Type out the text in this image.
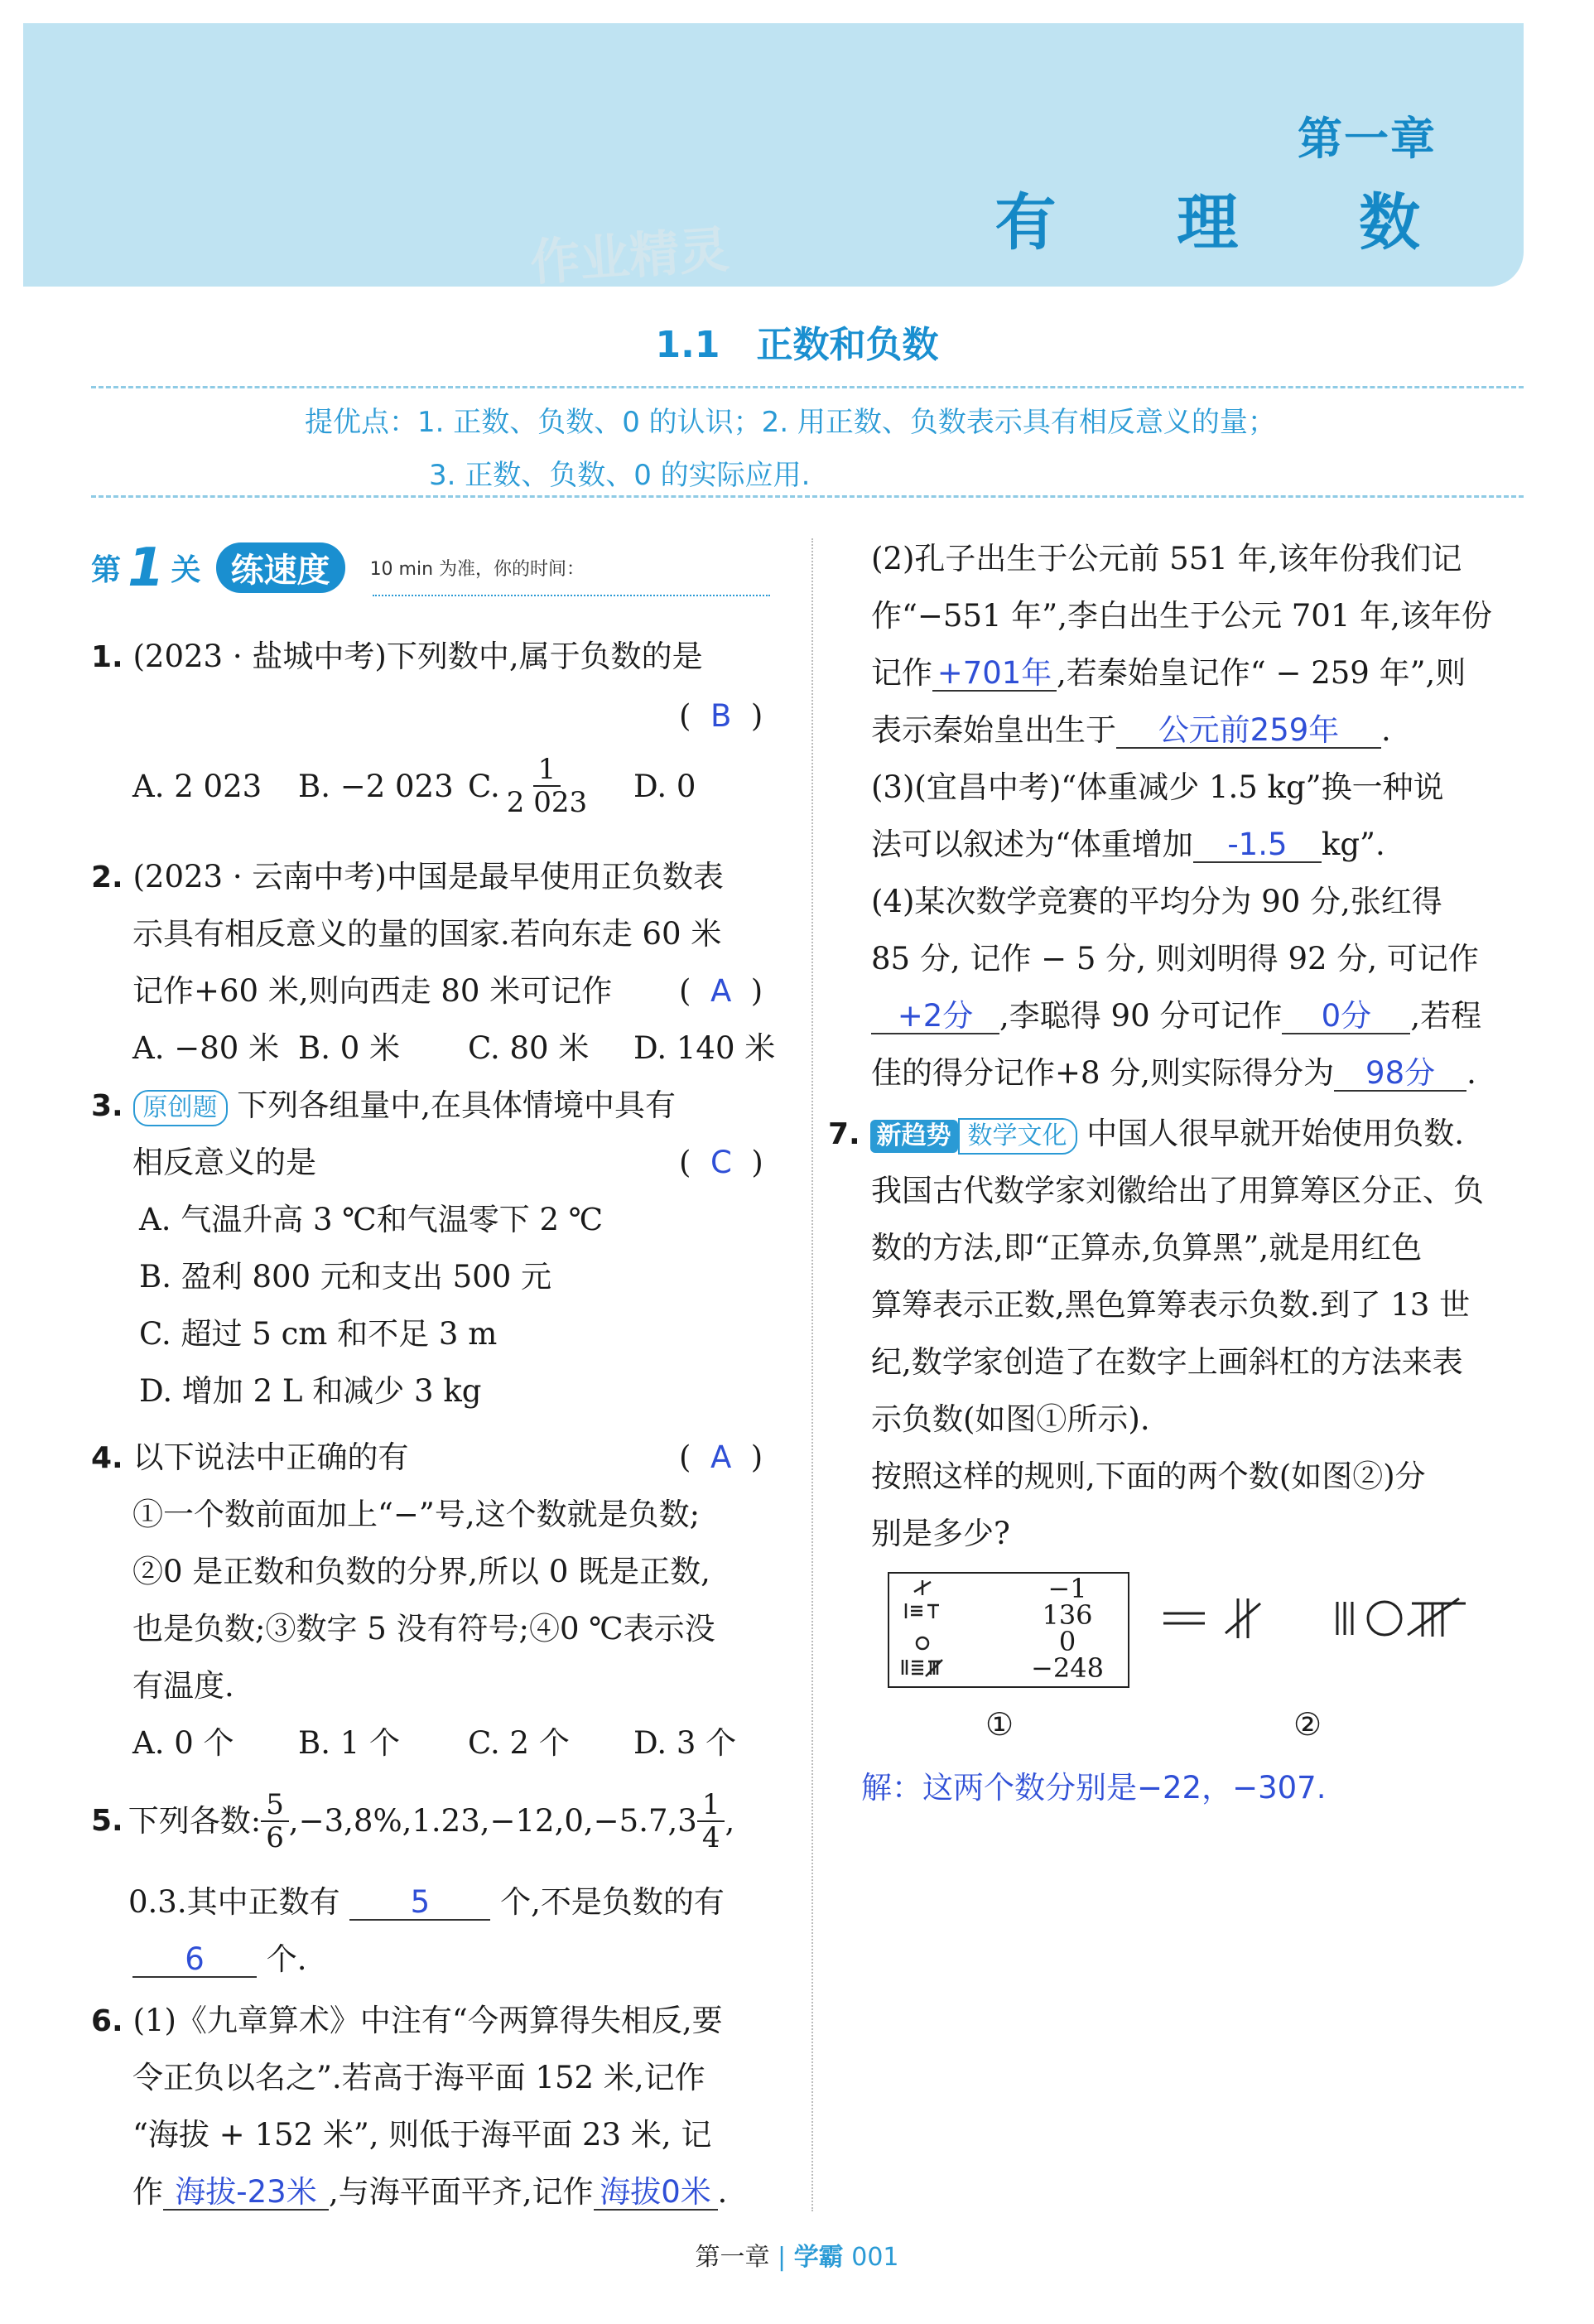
作业精灵
第一章
有 理 数
1.1　正数和负数
提优点：1. 正数、负数、0 的认识；2. 用正数、负数表示具有相反意义的量；
3. 正数、负数、0 的实际应用.
第 1 关 练速度	10 min 为准，你的时间：
1. (2023 · 盐城中考)下列数中,属于负数的是
(  B  )
A. 2 023	B. −2 023 C. $\frac{1}{2 023} D$. 0
2. (2023 · 云南中考)中国是最早使用正负数表
示具有相反意义的量的国家.若向东走 60 米
记作+60 米,则向西走 80 米可记作 (  A  )
A. −80 米 B. 0 米	C. 80 米	D. 140 米
3. 原创题 下列各组量中,在具体情境中具有
相反意义的是	(  C  )
A. 气温升高 3 ℃和气温零下 2 ℃
B. 盈利 800 元和支出 500 元
C. 超过 5 cm 和不足 3 m
D. 增加 2 L 和减少 3 kg
4. 以下说法中正确的有	(  A  )
①一个数前面加上“−”号,这个数就是负数;
②0 是正数和负数的分界,所以 0 既是正数,
也是负数;③数字 5 没有符号;④0 ℃表示没
有温度.
A. 0 个	B. 1 个	C. 2 个	D. 3 个
5. 下列各数: $\frac{5}{6} ,-3,8\%,1.23,-12,0,-5.7,3 \frac{1}{4}$ ,
0.3.其中正数有 5 个,不是负数的有
6 个.
6. (1)《九章算术》中注有“今两算得失相反,要
令正负以名之”.若高于海平面 152 米,记作
“海拔 + 152 米”, 则低于海平面 23 米, 记
作 海拔-23米 ,与海平面平齐,记作 海拔0米 .
(2)孔子出生于公元前 551 年,该年份我们记
作“−551 年”,李白出生于公元 701 年,该年份
记作 +701年 ,若秦始皇记作“ − 259 年”,则
表示秦始皇出生于 公元前259年 .
(3)(宜昌中考)“体重减少 1.5 kg”换一种说
法可以叙述为“体重增加 -1.5 kg”.
(4)某次数学竞赛的平均分为 90 分,张红得
85 分, 记作 − 5 分, 则刘明得 92 分, 可记作
+2分 ,李聪得 90 分可记作 0分 ,若程
佳的得分记作+8 分,则实际得分为 98分 .
7. 新趋势 数学文化 中国人很早就开始使用负数.
我国古代数学家刘徽给出了用算筹区分正、负
数的方法,即“正算赤,负算黑”,就是用红色
算筹表示正数,黑色算筹表示负数.到了 13 世
纪,数学家创造了在数字上画斜杠的方法来表
示负数(如图①所示).
按照这样的规则,下面的两个数(如图②)分
别是多少?
−1
136
0
−248
①	②
解：这两个数分别是−22，−307.
第一章 | 学霸 001
